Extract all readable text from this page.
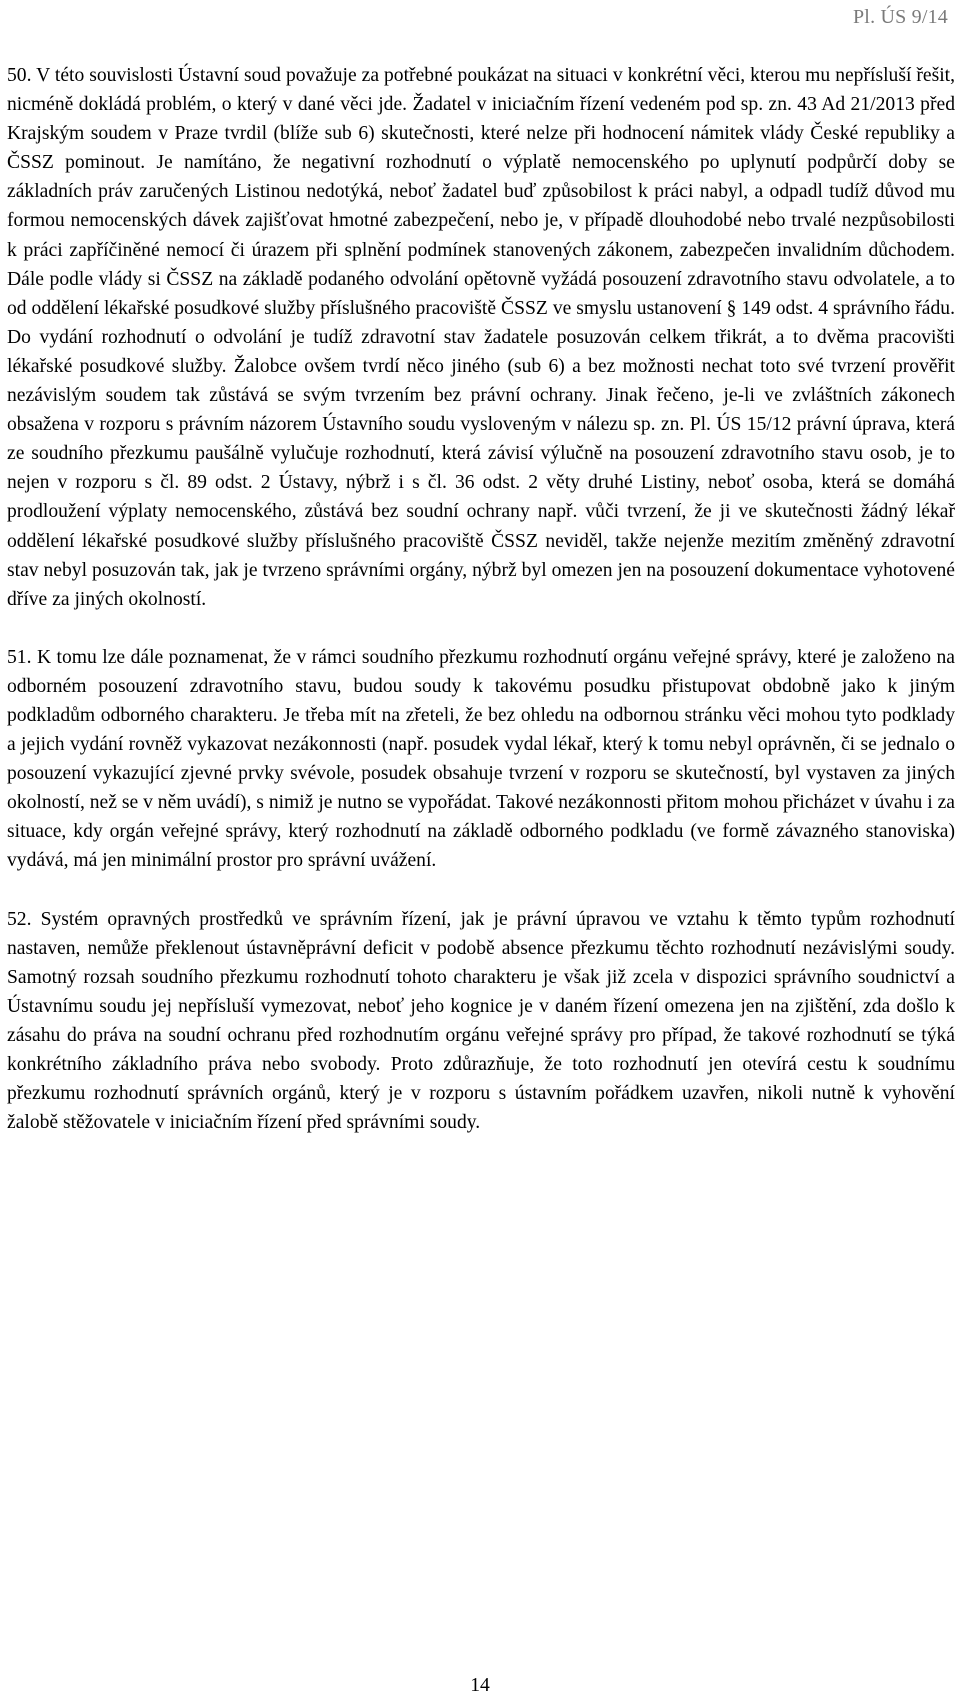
Pl. ÚS 9/14

50. V této souvislosti Ústavní soud považuje za potřebné poukázat na situaci v konkrétní věci, kterou mu nepřísluší řešit, nicméně dokládá problém, o který v dané věci jde. Žadatel v iniciačním řízení vedeném pod sp. zn. 43 Ad 21/2013 před Krajským soudem v Praze tvrdil (blíže sub 6) skutečnosti, které nelze při hodnocení námitek vlády České republiky a ČSSZ pominout. Je namítáno, že negativní rozhodnutí o výplatě nemocenského po uplynutí podpůrčí doby se základních práv zaručených Listinou nedotýká, neboť žadatel buď způsobilost k práci nabyl, a odpadl tudíž důvod mu formou nemocenských dávek zajišťovat hmotné zabezpečení, nebo je, v případě dlouhodobé nebo trvalé nezpůsobilosti k práci zapříčiněné nemocí či úrazem při splnění podmínek stanovených zákonem, zabezpečen invalidním důchodem. Dále podle vlády si ČSSZ na základě podaného odvolání opětovně vyžádá posouzení zdravotního stavu odvolatele, a to od oddělení lékařské posudkové služby příslušného pracoviště ČSSZ ve smyslu ustanovení § 149 odst. 4 správního řádu. Do vydání rozhodnutí o odvolání je tudíž zdravotní stav žadatele posuzován celkem třikrát, a to dvěma pracovišti lékařské posudkové služby. Žalobce ovšem tvrdí něco jiného (sub 6) a bez možnosti nechat toto své tvrzení prověřit nezávislým soudem tak zůstává se svým tvrzením bez právní ochrany. Jinak řečeno, je-li ve zvláštních zákonech obsažena v rozporu s právním názorem Ústavního soudu vysloveným v nálezu sp. zn. Pl. ÚS 15/12 právní úprava, která ze soudního přezkumu paušálně vylučuje rozhodnutí, která závisí výlučně na posouzení zdravotního stavu osob, je to nejen v rozporu s čl. 89 odst. 2 Ústavy, nýbrž i s čl. 36 odst. 2 věty druhé Listiny, neboť osoba, která se domáhá prodloužení výplaty nemocenského, zůstává bez soudní ochrany např. vůči tvrzení, že ji ve skutečnosti žádný lékař oddělení lékařské posudkové služby příslušného pracoviště ČSSZ neviděl, takže nejenže mezitím změněný zdravotní stav nebyl posuzován tak, jak je tvrzeno správními orgány, nýbrž byl omezen jen na posouzení dokumentace vyhotovené dříve za jiných okolností.

51. K tomu lze dále poznamenat, že v rámci soudního přezkumu rozhodnutí orgánu veřejné správy, které je založeno na odborném posouzení zdravotního stavu, budou soudy k takovému posudku přistupovat obdobně jako k jiným podkladům odborného charakteru. Je třeba mít na zřeteli, že bez ohledu na odbornou stránku věci mohou tyto podklady a jejich vydání rovněž vykazovat nezákonnosti (např. posudek vydal lékař, který k tomu nebyl oprávněn, či se jednalo o posouzení vykazující zjevné prvky svévole, posudek obsahuje tvrzení v rozporu se skutečností, byl vystaven za jiných okolností, než se v něm uvádí), s nimiž je nutno se vypořádat. Takové nezákonnosti přitom mohou přicházet v úvahu i za situace, kdy orgán veřejné správy, který rozhodnutí na základě odborného podkladu (ve formě závazného stanoviska) vydává, má jen minimální prostor pro správní uvážení.

52. Systém opravných prostředků ve správním řízení, jak je právní úpravou ve vztahu k těmto typům rozhodnutí nastaven, nemůže překlenout ústavněprávní deficit v podobě absence přezkumu těchto rozhodnutí nezávislými soudy. Samotný rozsah soudního přezkumu rozhodnutí tohoto charakteru je však již zcela v dispozici správního soudnictví a Ústavnímu soudu jej nepřísluší vymezovat, neboť jeho kognice je v daném řízení omezena jen na zjištění, zda došlo k zásahu do práva na soudní ochranu před rozhodnutím orgánu veřejné správy pro případ, že takové rozhodnutí se týká konkrétního základního práva nebo svobody. Proto zdůrazňuje, že toto rozhodnutí jen otevírá cestu k soudnímu přezkumu rozhodnutí správních orgánů, který je v rozporu s ústavním pořádkem uzavřen, nikoli nutně k vyhovění žalobě stěžovatele v iniciačním řízení před správními soudy.

14
